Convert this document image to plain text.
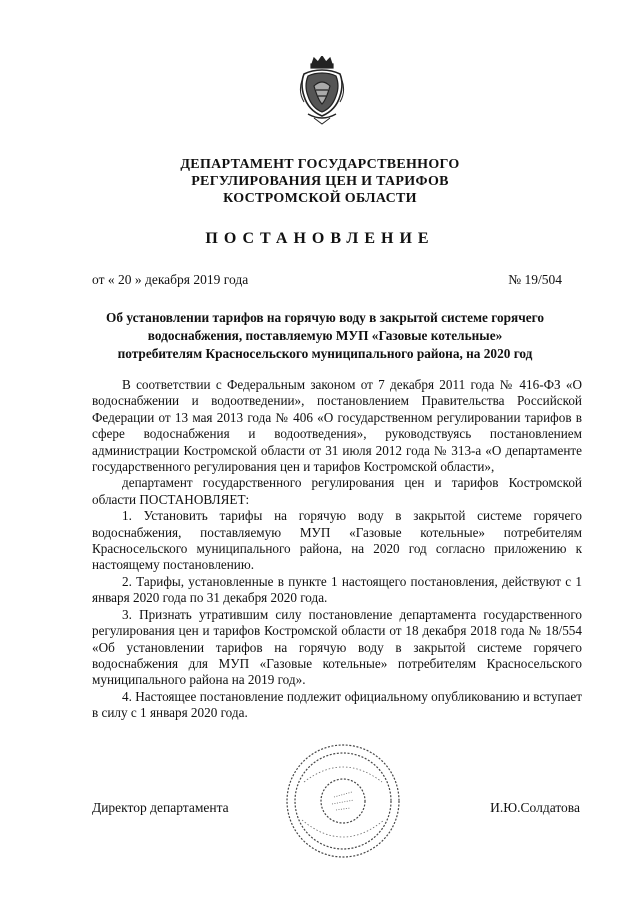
ДЕПАРТАМЕНТ ГОСУДАРСТВЕННОГО
РЕГУЛИРОВАНИЯ ЦЕН И ТАРИФОВ
КОСТРОМСКОЙ ОБЛАСТИ
ПОСТАНОВЛЕНИЕ
от « 20 » декабря 2019 года	№ 19/504
Об установлении тарифов на горячую воду в закрытой системе горячего
водоснабжения, поставляемую МУП «Газовые котельные»
потребителям Красносельского муниципального района, на 2020 год

В соответствии с Федеральным законом от 7 декабря 2011 года № 416-ФЗ «О водоснабжении и водоотведении», постановлением Правительства Российской Федерации от 13 мая 2013 года № 406 «О государственном регулировании тарифов в сфере водоснабжения и водоотведения», руководствуясь постановлением администрации Костромской области от 31 июля 2012 года № 313-а «О департаменте государственного регулирования цен и тарифов Костромской области»,

департамент государственного регулирования цен и тарифов Костромской области ПОСТАНОВЛЯЕТ:

1. Установить тарифы на горячую воду в закрытой системе горячего водоснабжения, поставляемую МУП «Газовые котельные» потребителям Красносельского муниципального района, на 2020 год согласно приложению к настоящему постановлению.

2. Тарифы, установленные в пункте 1 настоящего постановления, действуют с 1 января 2020 года по 31 декабря 2020 года.

3. Признать утратившим силу постановление департамента государственного регулирования цен и тарифов Костромской области от 18 декабря 2018 года № 18/554 «Об установлении тарифов на горячую воду в закрытой системе горячего водоснабжения для МУП «Газовые котельные» потребителям Красносельского муниципального района на 2019 год».

4. Настоящее постановление подлежит официальному опубликованию и вступает в силу с 1 января 2020 года.

Директор департамента	И.Ю.Солдатова
